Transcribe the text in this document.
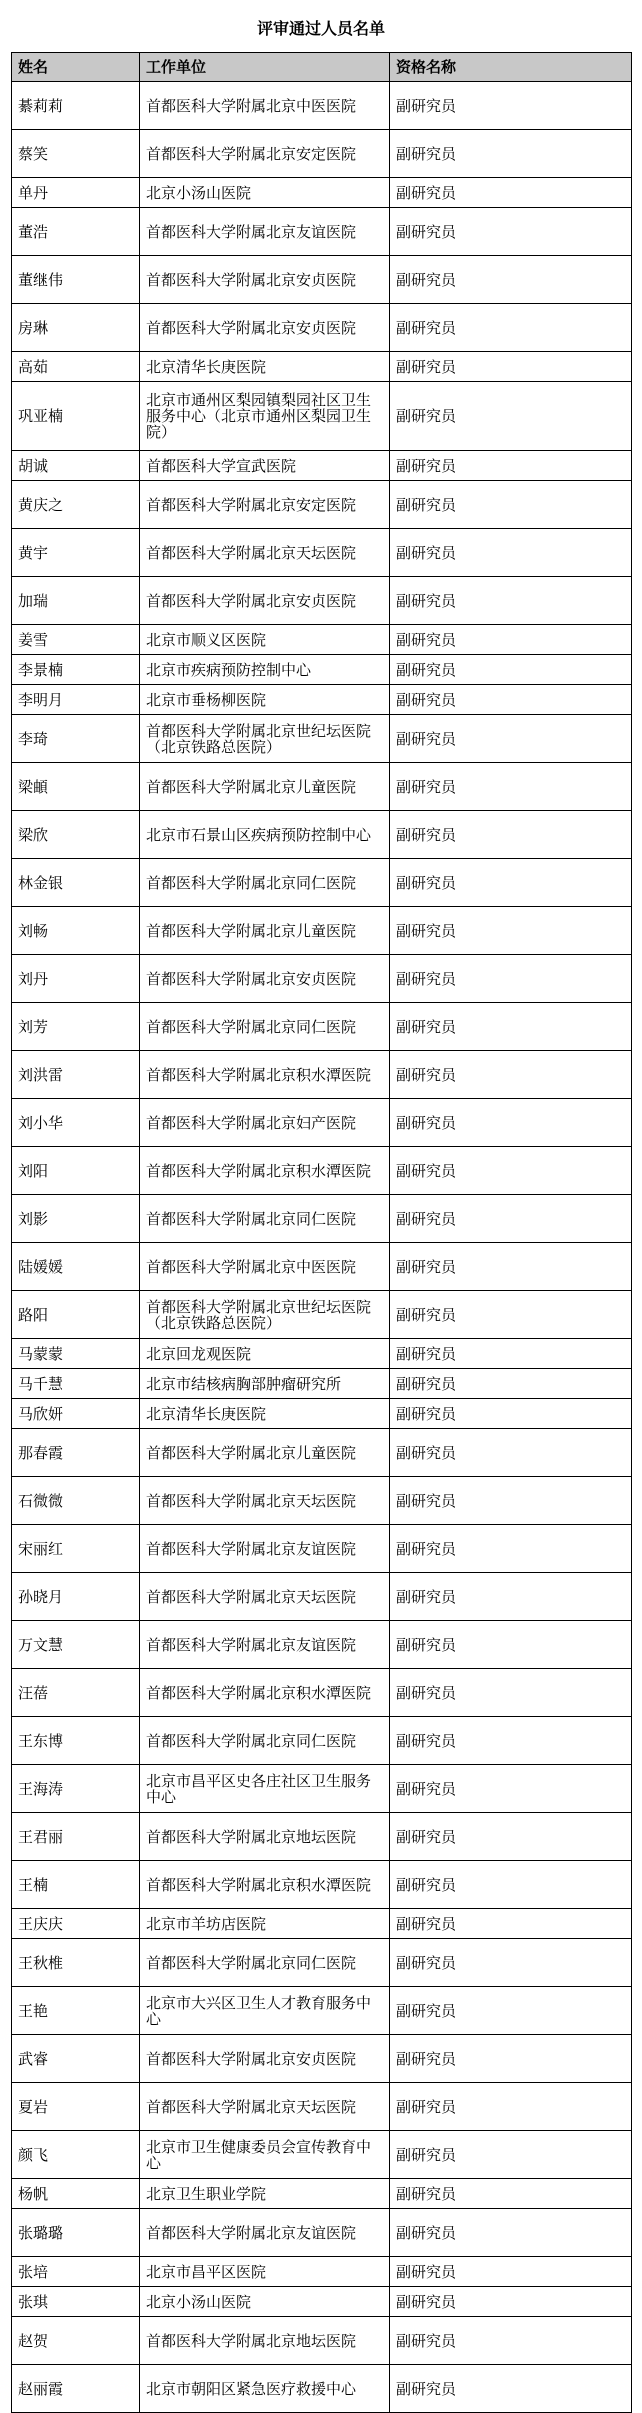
评审通过人员名单
姓名	工作单位	资格名称
綦莉莉	首都医科大学附属北京中医医院	副研究员
蔡笑	首都医科大学附属北京安定医院	副研究员
单丹	北京小汤山医院	副研究员
董浩	首都医科大学附属北京友谊医院	副研究员
董继伟	首都医科大学附属北京安贞医院	副研究员
房琳	首都医科大学附属北京安贞医院	副研究员
高茹	北京清华长庚医院	副研究员
巩亚楠	北京市通州区梨园镇梨园社区卫生服务中心（北京市通州区梨园卫生院）	副研究员
胡诚	首都医科大学宣武医院	副研究员
黄庆之	首都医科大学附属北京安定医院	副研究员
黄宇	首都医科大学附属北京天坛医院	副研究员
加瑞	首都医科大学附属北京安贞医院	副研究员
姜雪	北京市顺义区医院	副研究员
李景楠	北京市疾病预防控制中心	副研究员
李明月	北京市垂杨柳医院	副研究员
李琦	首都医科大学附属北京世纪坛医院（北京铁路总医院）	副研究员
梁頔	首都医科大学附属北京儿童医院	副研究员
梁欣	北京市石景山区疾病预防控制中心	副研究员
林金银	首都医科大学附属北京同仁医院	副研究员
刘畅	首都医科大学附属北京儿童医院	副研究员
刘丹	首都医科大学附属北京安贞医院	副研究员
刘芳	首都医科大学附属北京同仁医院	副研究员
刘洪雷	首都医科大学附属北京积水潭医院	副研究员
刘小华	首都医科大学附属北京妇产医院	副研究员
刘阳	首都医科大学附属北京积水潭医院	副研究员
刘影	首都医科大学附属北京同仁医院	副研究员
陆媛媛	首都医科大学附属北京中医医院	副研究员
路阳	首都医科大学附属北京世纪坛医院（北京铁路总医院）	副研究员
马蒙蒙	北京回龙观医院	副研究员
马千慧	北京市结核病胸部肿瘤研究所	副研究员
马欣妍	北京清华长庚医院	副研究员
那春霞	首都医科大学附属北京儿童医院	副研究员
石微微	首都医科大学附属北京天坛医院	副研究员
宋丽红	首都医科大学附属北京友谊医院	副研究员
孙晓月	首都医科大学附属北京天坛医院	副研究员
万文慧	首都医科大学附属北京友谊医院	副研究员
汪蓓	首都医科大学附属北京积水潭医院	副研究员
王东博	首都医科大学附属北京同仁医院	副研究员
王海涛	北京市昌平区史各庄社区卫生服务中心	副研究员
王君丽	首都医科大学附属北京地坛医院	副研究员
王楠	首都医科大学附属北京积水潭医院	副研究员
王庆庆	北京市羊坊店医院	副研究员
王秋椎	首都医科大学附属北京同仁医院	副研究员
王艳	北京市大兴区卫生人才教育服务中心	副研究员
武睿	首都医科大学附属北京安贞医院	副研究员
夏岩	首都医科大学附属北京天坛医院	副研究员
颜飞	北京市卫生健康委员会宣传教育中心	副研究员
杨帆	北京卫生职业学院	副研究员
张璐璐	首都医科大学附属北京友谊医院	副研究员
张培	北京市昌平区医院	副研究员
张琪	北京小汤山医院	副研究员
赵贺	首都医科大学附属北京地坛医院	副研究员
赵丽霞	北京市朝阳区紧急医疗救援中心	副研究员
